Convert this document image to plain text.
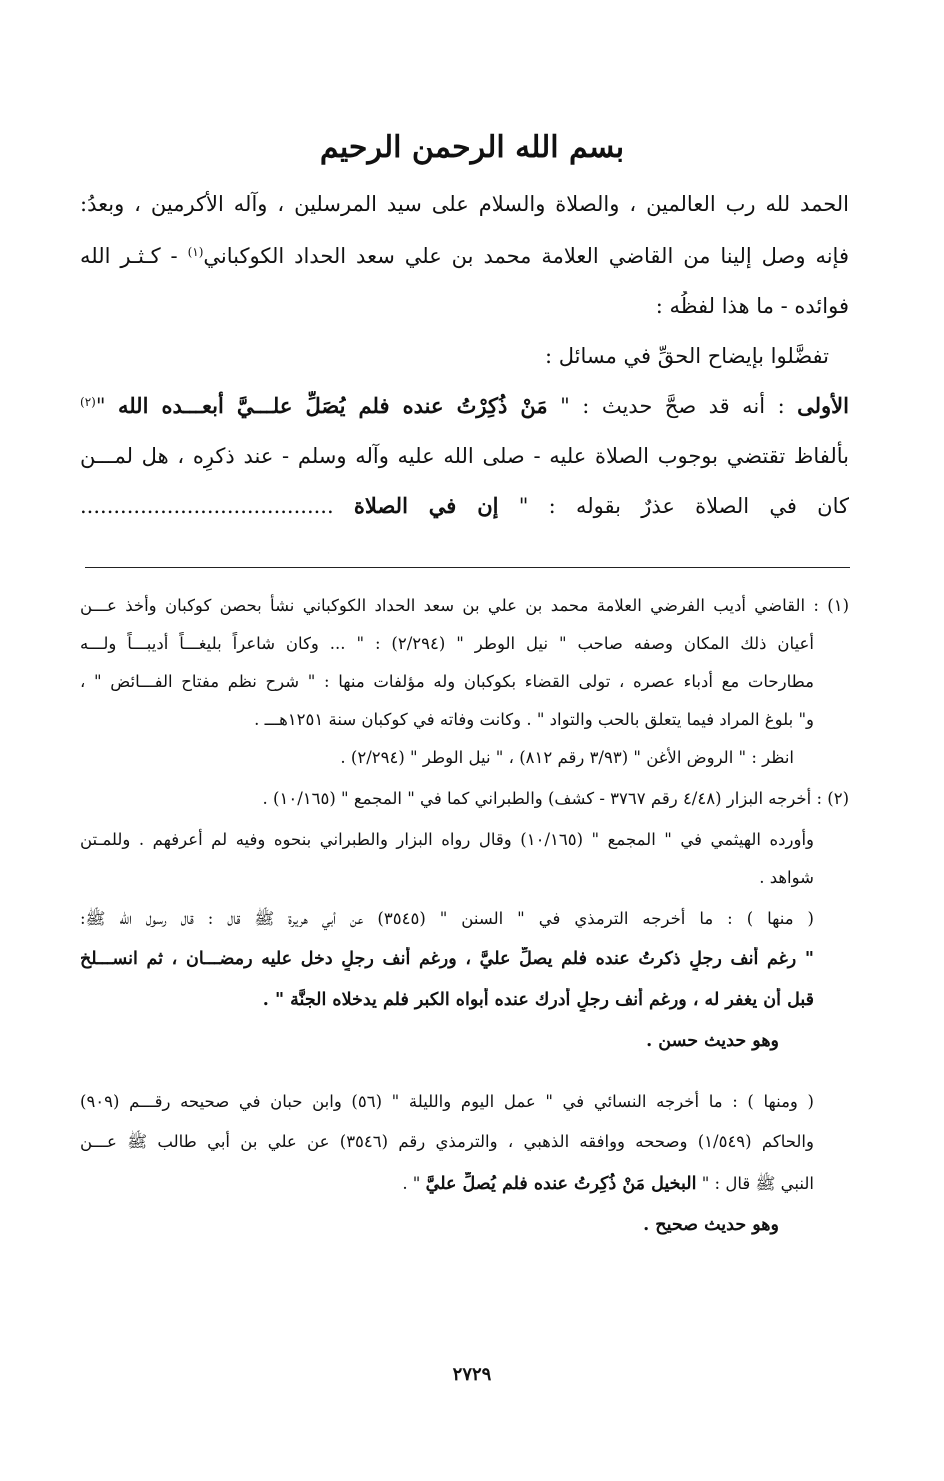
بسم الله الرحمن الرحيم
الحمد لله رب العالمين ، والصلاة والسلام على سيد المرسلين ، وآله الأكرمين ، وبعدُ:
فإنه وصل إلينا من القاضي العلامة محمد بن علي سعد الحداد الكوكباني$^{(١)}$ - كـثـر الله
فوائده - ما هذا لفظُه :
تفضَّلوا بإيضاح الحقِّ في مسائل :
الأولى : أنه قد صحَّ حديث : " مَنْ ذُكِرْتُ عنده فلم يُصَلِّ علـــيَّ أبعـــده الله "$^{(٢)}$
بألفاظ تقتضي بوجوب الصلاة عليه - صلى الله عليه وآله وسلم - عند ذكرِه ، هل لمـــن
كان في الصلاة عذرٌ بقوله : " إن في الصلاة ......................................
(١) : القاضي أديب الفرضي العلامة محمد بن علي بن سعد الحداد الكوكباني نشأ بحصن كوكبان وأخذ عـــن
أعيان ذلك المكان وصفه صاحب " نيل الوطر " (٢/٢٩٤) : " ... وكان شاعراً بليغـــاً أديبـــاً ولـــه
مطارحات مع أدباء عصره ، تولى القضاء بكوكبان وله مؤلفات منها : " شرح نظم مفتاح الفـــائض " ،
و" بلوغ المراد فيما يتعلق بالحب والتواد " . وكانت وفاته في كوكبان سنة ١٢٥١هـــ .
انظر : " الروض الأغن " (٣/٩٣ رقم ٨١٢) ، " نيل الوطر " (٢/٢٩٤) .
(٢) : أخرجه البزار (٤/٤٨ رقم ٣٧٦٧ - كشف) والطبراني كما في " المجمع " (١٠/١٦٥) .
وأورده الهيثمي في " المجمع " (١٠/١٦٥) وقال رواه البزار والطبراني بنحوه وفيه لم أعرفهم . وللمـتن
شواهد .
( منها ) : ما أخرجه الترمذي في " السنن " (٣٥٤٥) عن أبي هريرة ﷺ قال : قال رسول الله ﷺ:
" رغم أنف رجلٍ ذكرتُ عنده فلم يصلِّ عليَّ ، ورغم أنف رجلٍ دخل عليه رمضـــان ، ثم انســـلخ
قبل أن يغفر له ، ورغم أنف رجلٍ أدرك عنده أبواه الكبر فلم يدخلاه الجنَّة " .
وهو حديث حسن .
( ومنها ) : ما أخرجه النسائي في " عمل اليوم والليلة " (٥٦) وابن حبان في صحيحه رقـــم (٩٠٩)
والحاكم (١/٥٤٩) وصححه ووافقه الذهبي ، والترمذي رقم (٣٥٤٦) عن علي بن أبي طالب ﷺ عـــن
النبي ﷺ قال : " البخيل مَنْ ذُكِرتُ عنده فلم يُصلِّ عليَّ " .
وهو حديث صحيح .
٢٧٢٩
